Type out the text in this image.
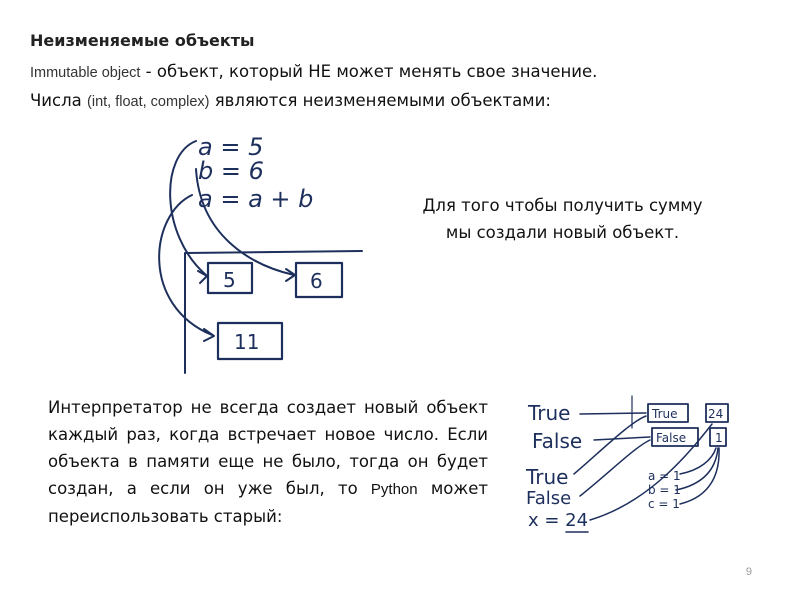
Неизменяемые объекты
Immutable object - объект, который НЕ может менять свое значение.
Числа (int, float, complex) являются неизменяемыми объектами:
a = 5
b = 6
a = a + b
5	6
11
Для того чтобы получить сумму мы создали новый объект.
Интерпретатор не всегда создает новый объект каждый раз, когда встречает новое число. Если объекта в памяти еще не было, тогда он будет создан, а если он уже был, то Python может переиспользовать старый:
True
False
True
False
x = 24
True	24
False 1
a = 1
b = 1
c = 1
9
